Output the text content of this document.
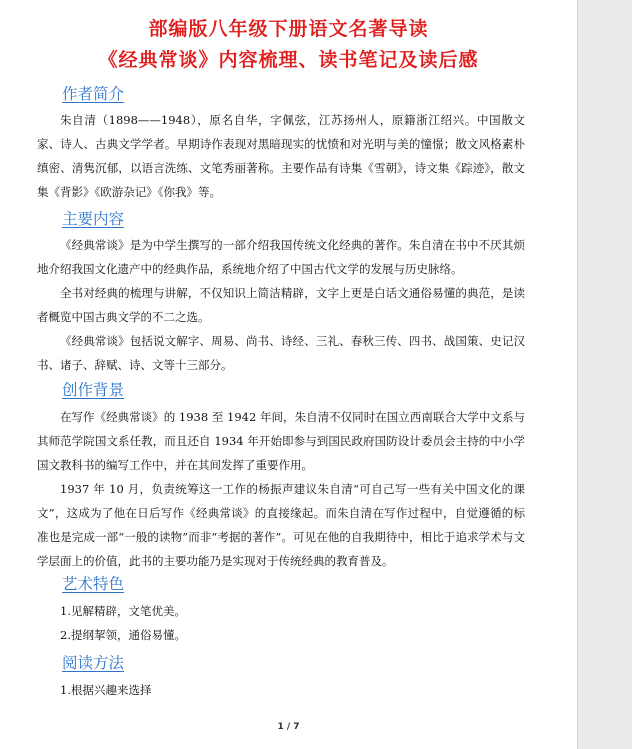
部编版八年级下册语文名著导读
《经典常谈》内容梳理、读书笔记及读后感
作者简介
朱自清（1898——1948），原名自华，字佩弦，江苏扬州人，原籍浙江绍兴。中国散文家、诗人、古典文学学者。早期诗作表现对黑暗现实的忧愤和对光明与美的憧憬；散文风格素朴缜密、清隽沉郁，以语言洗练、文笔秀丽著称。主要作品有诗集《雪朝》，诗文集《踪迹》，散文集《背影》《欧游杂记》《你我》等。
主要内容
《经典常谈》是为中学生撰写的一部介绍我国传统文化经典的著作。朱自清在书中不厌其烦地介绍我国文化遗产中的经典作品，系统地介绍了中国古代文学的发展与历史脉络。
全书对经典的梳理与讲解，不仅知识上简洁精辟，文字上更是白话文通俗易懂的典范，是读者概览中国古典文学的不二之选。
《经典常谈》包括说文解字、周易、尚书、诗经、三礼、春秋三传、四书、战国策、史记汉书、诸子、辞赋、诗、文等十三部分。
创作背景
在写作《经典常谈》的 1938 至 1942 年间，朱自清不仅同时在国立西南联合大学中文系与其师范学院国文系任教，而且还自 1934 年开始即参与到国民政府国防设计委员会主持的中小学国文教科书的编写工作中，并在其间发挥了重要作用。
1937 年 10 月，负责统筹这一工作的杨振声建议朱自清“可自己写一些有关中国文化的课文”，这成为了他在日后写作《经典常谈》的直接缘起。而朱自清在写作过程中，自觉遵循的标准也是完成一部“一般的读物”而非“考据的著作”。可见在他的自我期待中，相比于追求学术与文学层面上的价值，此书的主要功能乃是实现对于传统经典的教育普及。
艺术特色
1.见解精辟，文笔优美。
2.提纲挈领，通俗易懂。
阅读方法
1.根据兴趣来选择
1 / 7
